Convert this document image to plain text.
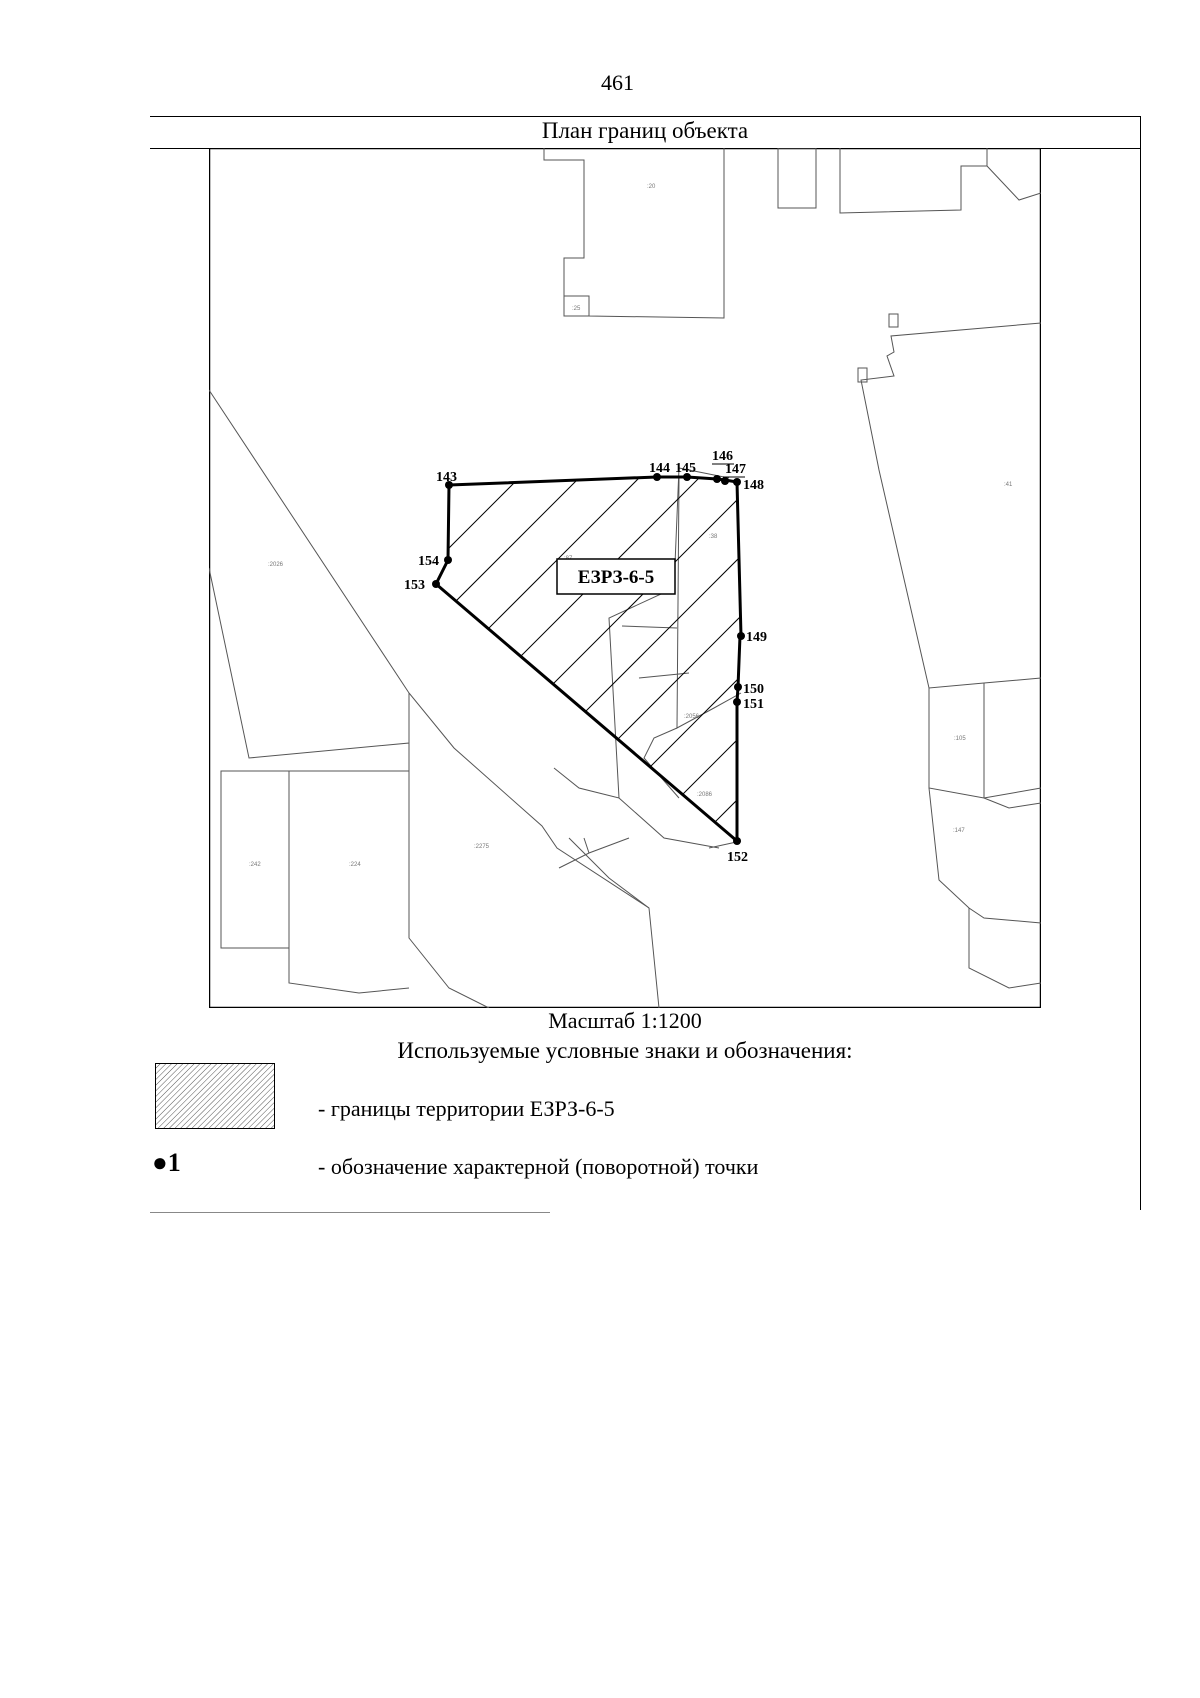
461
План границ объекта
:20
:25
:41
:2026
:105
:147
:242	:224
:2275
:38
:2056
:2086
143
144 145
146
147
148
149
150
151
152
153
154
ЕЗРЗ-6-5
Масштаб 1:1200
Используемые условные знаки и обозначения:
- границы территории ЕЗРЗ-6-5
●1	- обозначение характерной (поворотной) точки
